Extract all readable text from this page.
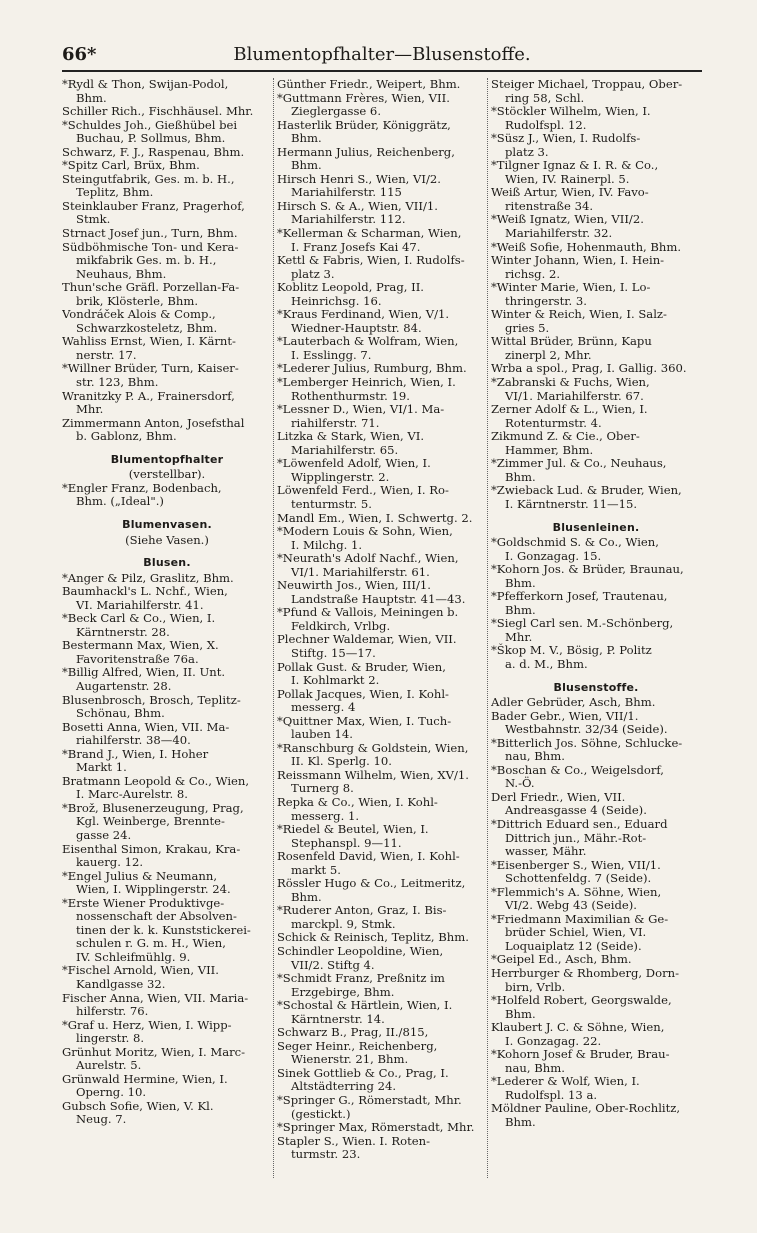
66*	Blumentopfhalter—Blusenstoffe.
*Rydl & Thon, Swijan-Podol,

Bhm.
Schiller Rich., Fischhäusel. Mhr.
*Schuldes Joh., Gießhübel bei

Buchau, P. Sollmus, Bhm.
Schwarz, F. J., Raspenau, Bhm.
*Spitz Carl, Brüx, Bhm.
Steingutfabrik, Ges. m. b. H.,

Teplitz, Bhm.
Steinklauber Franz, Pragerhof,

Stmk.
Strnact Josef jun., Turn, Bhm.
Südböhmische Ton- und Kera-

mikfabrik Ges. m. b. H.,
Neuhaus, Bhm.
Thun'sche Gräfl. Porzellan-Fa-

brik, Klösterle, Bhm.
Vondráček Alois & Comp.,

Schwarzkosteletz, Bhm.
Wahliss Ernst, Wien, I. Kärnt-

nerstr. 17.
*Willner Brüder, Turn, Kaiser-

str. 123, Bhm.
Wranitzky P. A., Frainersdorf,

Mhr.
Zimmermann Anton, Josefsthal

b. Gablonz, Bhm.
Blumentopfhalter
(verstellbar).
*Engler Franz, Bodenbach,

Bhm. („Ideal".)
Blumenvasen.
(Siehe Vasen.)
Blusen.
*Anger & Pilz, Graslitz, Bhm.
Baumhackl's L. Nchf., Wien,

VI. Mariahilferstr. 41.
*Beck Carl & Co., Wien, I.

Kärntnerstr. 28.
Bestermann Max, Wien, X.

Favoritenstraße 76a.
*Billig Alfred, Wien, II. Unt.

Augartenstr. 28.
Blusenbrosch, Brosch, Teplitz-

Schönau, Bhm.
Bosetti Anna, Wien, VII. Ma-

riahilferstr. 38—40.
*Brand J., Wien, I. Hoher

Markt 1.
Bratmann Leopold & Co., Wien,

I. Marc-Aurelstr. 8.
*Brož, Blusenerzeugung, Prag,

Kgl. Weinberge, Brennte-
gasse 24.
Eisenthal Simon, Krakau, Kra-

kauerg. 12.
*Engel Julius & Neumann,

Wien, I. Wipplingerstr. 24.
*Erste Wiener Produktivge-

nossenschaft der Absolven-
tinen der k. k. Kunststickerei-
schulen r. G. m. H., Wien,
IV. Schleifmühlg. 9.
*Fischel Arnold, Wien, VII.

Kandlgasse 32.
Fischer Anna, Wien, VII. Maria-

hilferstr. 76.
*Graf u. Herz, Wien, I. Wipp-

lingerstr. 8.
Grünhut Moritz, Wien, I. Marc-

Aurelstr. 5.
Grünwald Hermine, Wien, I.

Operng. 10.
Gubsch Sofie, Wien, V. Kl.

Neug. 7.
Günther Friedr., Weipert, Bhm.
*Guttmann Frères, Wien, VII.

Zieglergasse 6.
Hasterlik Brüder, Königgrätz,

Bhm.
Hermann Julius, Reichenberg,

Bhm.
Hirsch Henri S., Wien, VI/2.

Mariahilferstr. 115
Hirsch S. & A., Wien, VII/1.

Mariahilferstr. 112.
*Kellerman & Scharman, Wien,

I. Franz Josefs Kai 47.
Kettl & Fabris, Wien, I. Rudolfs-

platz 3.
Koblitz Leopold, Prag, II.

Heinrichsg. 16.
*Kraus Ferdinand, Wien, V/1.

Wiedner-Hauptstr. 84.
*Lauterbach & Wolfram, Wien,

I. Esslingg. 7.
*Lederer Julius, Rumburg, Bhm.
*Lemberger Heinrich, Wien, I.

Rothenthurmstr. 19.
*Lessner D., Wien, VI/1. Ma-

riahilferstr. 71.
Litzka & Stark, Wien, VI.

Mariahilferstr. 65.
*Löwenfeld Adolf, Wien, I.

Wipplingerstr. 2.
Löwenfeld Ferd., Wien, I. Ro-

tenturmstr. 5.
Mandl Em., Wien, I. Schwertg. 2.
*Modern Louis & Sohn, Wien,

I. Milchg. 1.
*Neurath's Adolf Nachf., Wien,

VI/1. Mariahilferstr. 61.
Neuwirth Jos., Wien, III/1.

Landstraße Hauptstr. 41—43.
*Pfund & Vallois, Meiningen b.

Feldkirch, Vrlbg.
Plechner Waldemar, Wien, VII.

Stiftg. 15—17.
Pollak Gust. & Bruder, Wien,

I. Kohlmarkt 2.
Pollak Jacques, Wien, I. Kohl-

messerg. 4
*Quittner Max, Wien, I. Tuch-

lauben 14.
*Ranschburg & Goldstein, Wien,

II. Kl. Sperlg. 10.
Reissmann Wilhelm, Wien, XV/1.

Turnerg 8.
Repka & Co., Wien, I. Kohl-

messerg. 1.
*Riedel & Beutel, Wien, I.

Stephanspl. 9—11.
Rosenfeld David, Wien, I. Kohl-

markt 5.
Rössler Hugo & Co., Leitmeritz,

Bhm.
*Ruderer Anton, Graz, I. Bis-

marckpl. 9, Stmk.
Schick & Reinisch, Teplitz, Bhm.
Schindler Leopoldine, Wien,

VII/2. Stiftg 4.
*Schmidt Franz, Preßnitz im

Erzgebirge, Bhm.
*Schostal & Härtlein, Wien, I.

Kärntnerstr. 14.
Schwarz B., Prag, II./815,
Seger Heinr., Reichenberg,

Wienerstr. 21, Bhm.
Sinek Gottlieb & Co., Prag, I.

Altstädterring 24.
*Springer G., Römerstadt, Mhr.

(gestickt.)
*Springer Max, Römerstadt, Mhr.
Stapler S., Wien. I. Roten-

turmstr. 23.
Steiger Michael, Troppau, Ober-

ring 58, Schl.
*Stöckler Wilhelm, Wien, I.

Rudolfspl. 12.
*Süsz J., Wien, I. Rudolfs-

platz 3.
*Tilgner Ignaz & I. R. & Co.,

Wien, IV. Rainerpl. 5.
Weiß Artur, Wien, IV. Favo-

ritenstraße 34.
*Weiß Ignatz, Wien, VII/2.

Mariahilferstr. 32.
*Weiß Sofie, Hohenmauth, Bhm.
Winter Johann, Wien, I. Hein-

richsg. 2.
*Winter Marie, Wien, I. Lo-

thringerstr. 3.
Winter & Reich, Wien, I. Salz-

gries 5.
Wittal Brüder, Brünn, Kapu

zinerpl 2, Mhr.
Wrba a spol., Prag, I. Gallig. 360.
*Zabranski & Fuchs, Wien,

VI/1. Mariahilferstr. 67.
Zerner Adolf & L., Wien, I.

Rotenturmstr. 4.
Zikmund Z. & Cie., Ober-

Hammer, Bhm.
*Zimmer Jul. & Co., Neuhaus,

Bhm.
*Zwieback Lud. & Bruder, Wien,

I. Kärntnerstr. 11—15.
Blusenleinen.
*Goldschmid S. & Co., Wien,

I. Gonzagag. 15.
*Kohorn Jos. & Brüder, Braunau,

Bhm.
*Pfefferkorn Josef, Trautenau,

Bhm.
*Siegl Carl sen. M.-Schönberg,

Mhr.
*Škop M. V., Bösig, P. Politz

a. d. M., Bhm.
Blusenstoffe.
Adler Gebrüder, Asch, Bhm.
Bader Gebr., Wien, VII/1.

Westbahnstr. 32/34 (Seide).
*Bitterlich Jos. Söhne, Schlucke-

nau, Bhm.
*Boschan & Co., Weigelsdorf,

N.-Ö.
Derl Friedr., Wien, VII.

Andreasgasse 4 (Seide).
*Dittrich Eduard sen., Eduard

Dittrich jun., Mähr.-Rot-
wasser, Mähr.
*Eisenberger S., Wien, VII/1.

Schottenfeldg. 7 (Seide).
*Flemmich's A. Söhne, Wien,

VI/2. Webg 43 (Seide).
*Friedmann Maximilian & Ge-

brüder Schiel, Wien, VI.
Loquaiplatz 12 (Seide).
*Geipel Ed., Asch, Bhm.
Herrburger & Rhomberg, Dorn-

birn, Vrlb.
*Holfeld Robert, Georgswalde,

Bhm.
Klaubert J. C. & Söhne, Wien,

I. Gonzagag. 22.
*Kohorn Josef & Bruder, Brau-

nau, Bhm.
*Lederer & Wolf, Wien, I.

Rudolfspl. 13 a.
Möldner Pauline, Ober-Rochlitz,

Bhm.
